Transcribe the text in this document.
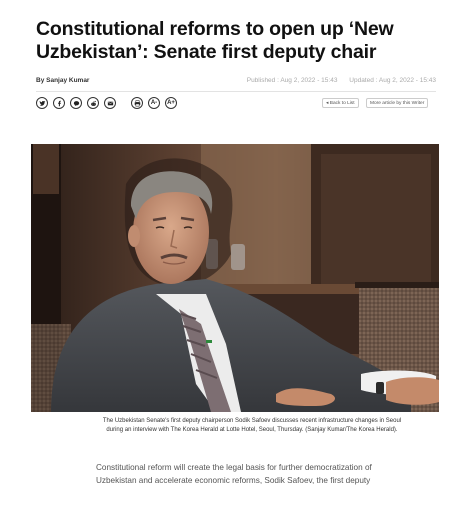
Constitutional reforms to open up ‘New Uzbekistan’: Senate first deputy chair
By Sanjay Kumar	Published : Aug 2, 2022 - 15:43 Updated : Aug 2, 2022 - 15:43
A-	A+	◂ Back to List	More article by this Writer

The Uzbekistan Senate's first deputy chairperson Sodik Safoev discusses recent infrastructure changes in Seoul during an interview with The Korea Herald at Lotte Hotel, Seoul, Thursday. (Sanjay Kumar/The Korea Herald).

Constitutional reform will create the legal basis for further democratization of Uzbekistan and accelerate economic reforms, Sodik Safoev, the first deputy
